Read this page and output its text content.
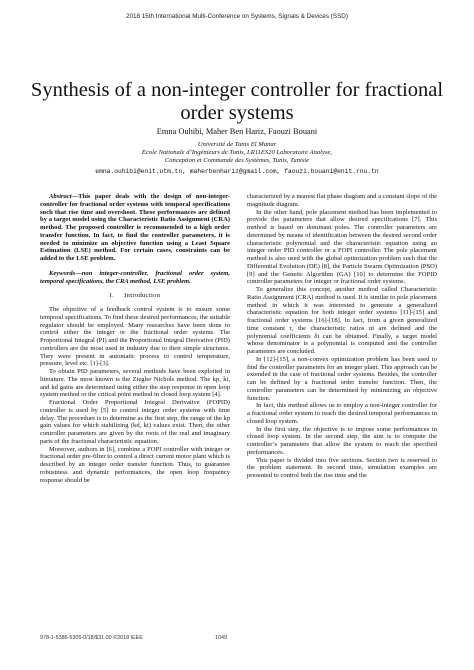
2018 15th International Multi-Conference on Systems, Signals & Devices (SSD)
Synthesis of a non-integer controller for fractional order systems
Emna Ouhibi, Maher Ben Hariz, Faouzi Bouani
Université de Tunis El Manar
Ecole Nationale d’Ingénieurs de Tunis, LR11ES20 Laboratoire Analyse,
Conception et Commande des Systèmes, Tunis, Tunisie
emna.ouhibi@enit.utm.tn, maherbenhariz@gmail.com, faouzi.bouani@enit.rnu.tn

Abstract—This paper deals with the design of non-integer-controller for fractional order systems with temporal specifications such that rise time and overshoot. These performances are defined by a target model using the Characteristic Ratio Assignment (CRA) method. The proposed controller is recommended to a high order transfer function. In fact, to find the controller parameters, it is needed to minimize an objective function using a Least Square Estimation (LSE) method. For certain cases, constraints can be added to the LSE problem.

Keywords—non integer-controller, fractional order system, temporal specifications, the CRA method, LSE problem.

I. Introduction

The objective of a feedback control system is to ensure some temporal specifications. To find these desired performances, the suitable regulator should be employed. Many researches have been done to control either the integer or the fractional order systems. The Proportional Integral (PI) and the Proportional Integral Derivative (PID) controllers are the most used in industry due to their simple structures. They were present in automatic process to control temperature, pressure, level etc. [1]-[3].

To obtain PID parameters, several methods have been exploited in literature. The most known is the Ziegler Nichols method. The kp, ki, and kd gains are determined using either the step response in open loop system method or the critical point method in closed loop system [4].

Fractional Order Proportional Integral Derivative (FOPID) controller is used by [5] to control integer order systems with time delay. The procedure is to determine as the first step, the range of the kp gain values for which stabilizing (kd, ki) values exist. Then, the other controller parameters are given by the roots of the real and imaginary parts of the fractional characteristic equation.

Moreover, authors in [6], combine a FOPI controller with integer or fractional order pre-filter to control a direct current motor plant which is described by an integer order transfer function. Thus, to guarantee robustness and dynamic performances, the open loop frequency response should be

characterized by a nearest flat phase diagram and a constant slope of the magnitude diagram.

In the other hand, pole placement method has been implemented to provide the parameters that allow desired specifications [7]. This method is based on dominant poles. The controller parameters are determined by means of identification between the desired second order characteristic polynomial and the characteristic equation using an integer order PID controller or a FOPI controller. The pole placement method is also used with the global optimization problem such that the Differential Evolution (DE) [8], the Particle Swarm Optimization (PSO) [9] and the Genetic Algorithm (GA) [10] to determine the FOPID controller parameters for integer or fractional order systems.

To generalize this concept, another method called Characteristic Ratio Assignment (CRA) method is used. It is similar to pole placement method in which it was interested to generate a generalized characteristic equation for both integer order systems [11]-[15] and fractional order systems [16]-[18]. In fact, from a given generalized time constant τ, the characteristic ratios αi are defined and the polynomial coefficients δi can be obtained. Finally, a target model whose denominator is a polynomial is computed and the controller parameters are concluded.

In [12]-[15], a non-convex optimization problem has been used to find the controller parameters for an integer plant. This approach can be extended in the case of fractional order systems. Besides, the controller can be defined by a fractional order transfer function. Then, the controller parameters can be determined by minimizing an objective function.

In fact, this method allows us to employ a non-integer controller for a fractional order system to reach the desired temporal performances in closed loop system.

In the first step, the objective is to impose some performances in closed loop system. In the second step, the aim is to compute the controller’s parameters that allow the system to reach the specified performances.

This paper is divided into five sections. Section two is reserved to the problem statement. In second time, simulation examples are presented to control both the rise time and the

978-1-5386-5305-0/18/$31.00 ©2018 IEEE	1049
